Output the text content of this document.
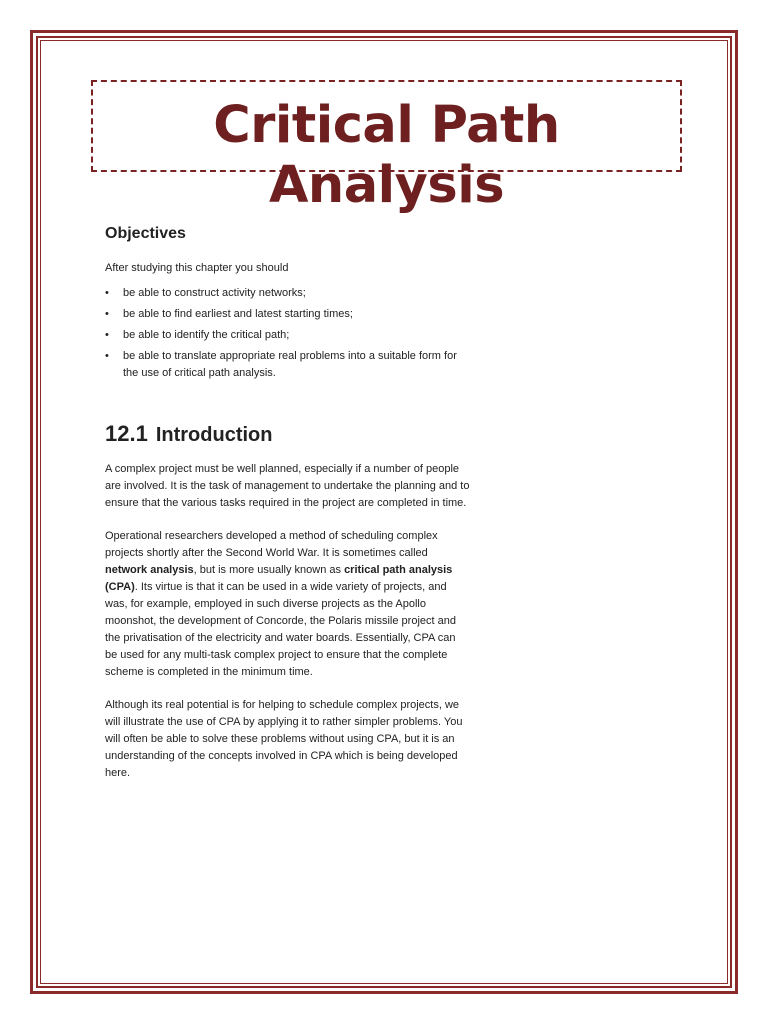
Critical Path Analysis
Objectives
After studying this chapter you should
• be able to construct activity networks;
• be able to find earliest and latest starting times;
• be able to identify the critical path;
• be able to translate appropriate real problems into a suitable form for the use of critical path analysis.
12.1 Introduction

A complex project must be well planned, especially if a number of people are involved. It is the task of management to undertake the planning and to ensure that the various tasks required in the project are completed in time.

Operational researchers developed a method of scheduling complex projects shortly after the Second World War. It is sometimes called network analysis, but is more usually known as critical path analysis (CPA). Its virtue is that it can be used in a wide variety of projects, and was, for example, employed in such diverse projects as the Apollo moonshot, the development of Concorde, the Polaris missile project and the privatisation of the electricity and water boards. Essentially, CPA can be used for any multi-task complex project to ensure that the complete scheme is completed in the minimum time.

Although its real potential is for helping to schedule complex projects, we will illustrate the use of CPA by applying it to rather simpler problems. You will often be able to solve these problems without using CPA, but it is an understanding of the concepts involved in CPA which is being developed here.
